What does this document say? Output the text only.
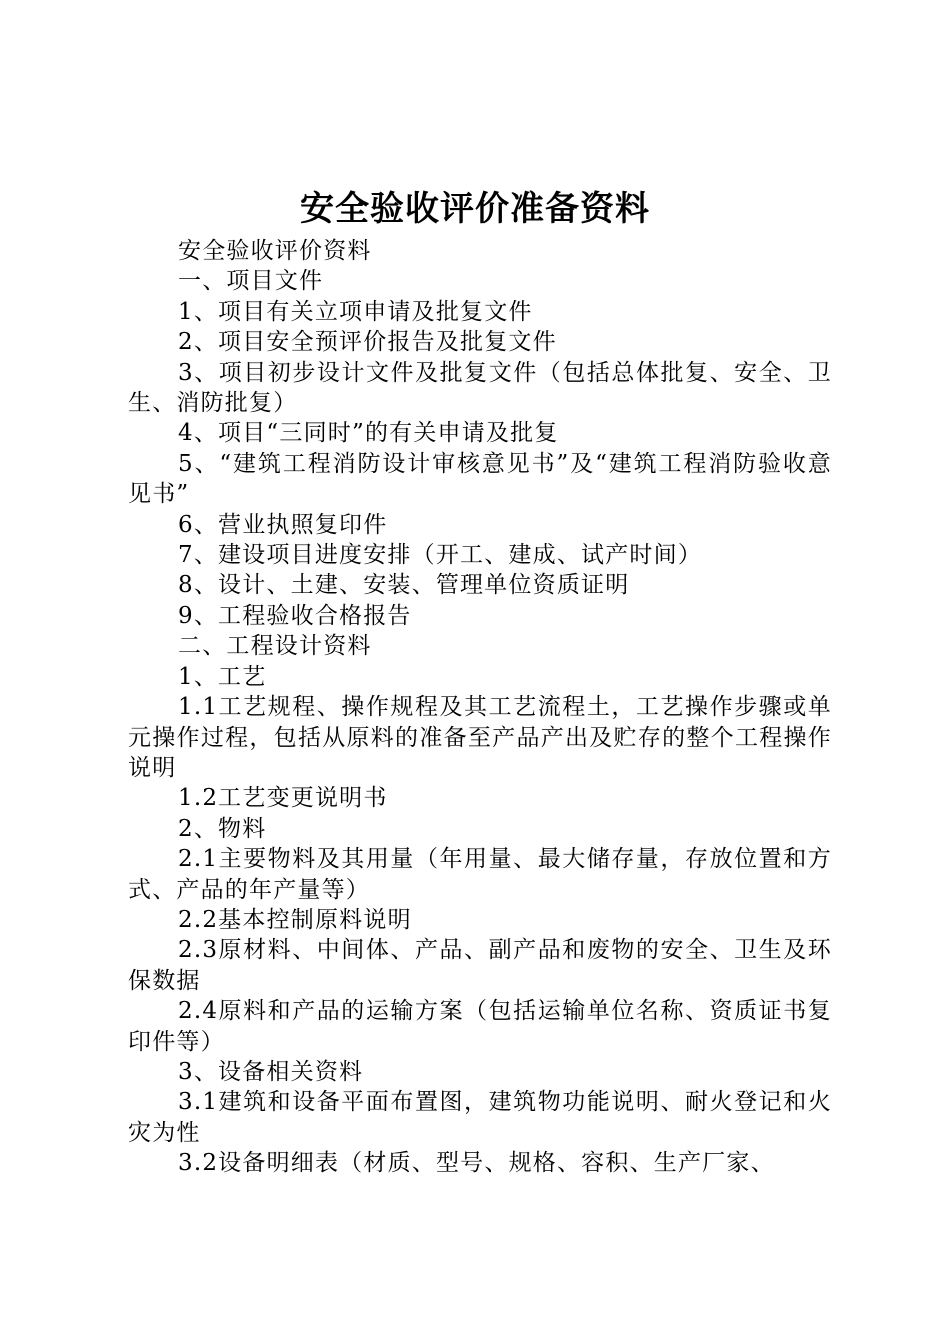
安全验收评价准备资料

安全验收评价资料

一、项目文件

1、项目有关立项申请及批复文件

2、项目安全预评价报告及批复文件

3、项目初步设计文件及批复文件（包括总体批复、安全、卫生、消防批复）

4、项目“三同时”的有关申请及批复

5、“建筑工程消防设计审核意见书”及“建筑工程消防验收意见书”

6、营业执照复印件

7、建设项目进度安排（开工、建成、试产时间）

8、设计、土建、安装、管理单位资质证明

9、工程验收合格报告

二、工程设计资料

1、工艺

1.1工艺规程、操作规程及其工艺流程土，工艺操作步骤或单元操作过程，包括从原料的准备至产品产出及贮存的整个工程操作说明

1.2工艺变更说明书

2、物料

2.1主要物料及其用量（年用量、最大储存量，存放位置和方式、产品的年产量等）

2.2基本控制原料说明

2.3原材料、中间体、产品、副产品和废物的安全、卫生及环保数据

2.4原料和产品的运输方案（包括运输单位名称、资质证书复印件等）

3、设备相关资料

3.1建筑和设备平面布置图，建筑物功能说明、耐火登记和火灾为性

3.2设备明细表（材质、型号、规格、容积、生产厂家、
